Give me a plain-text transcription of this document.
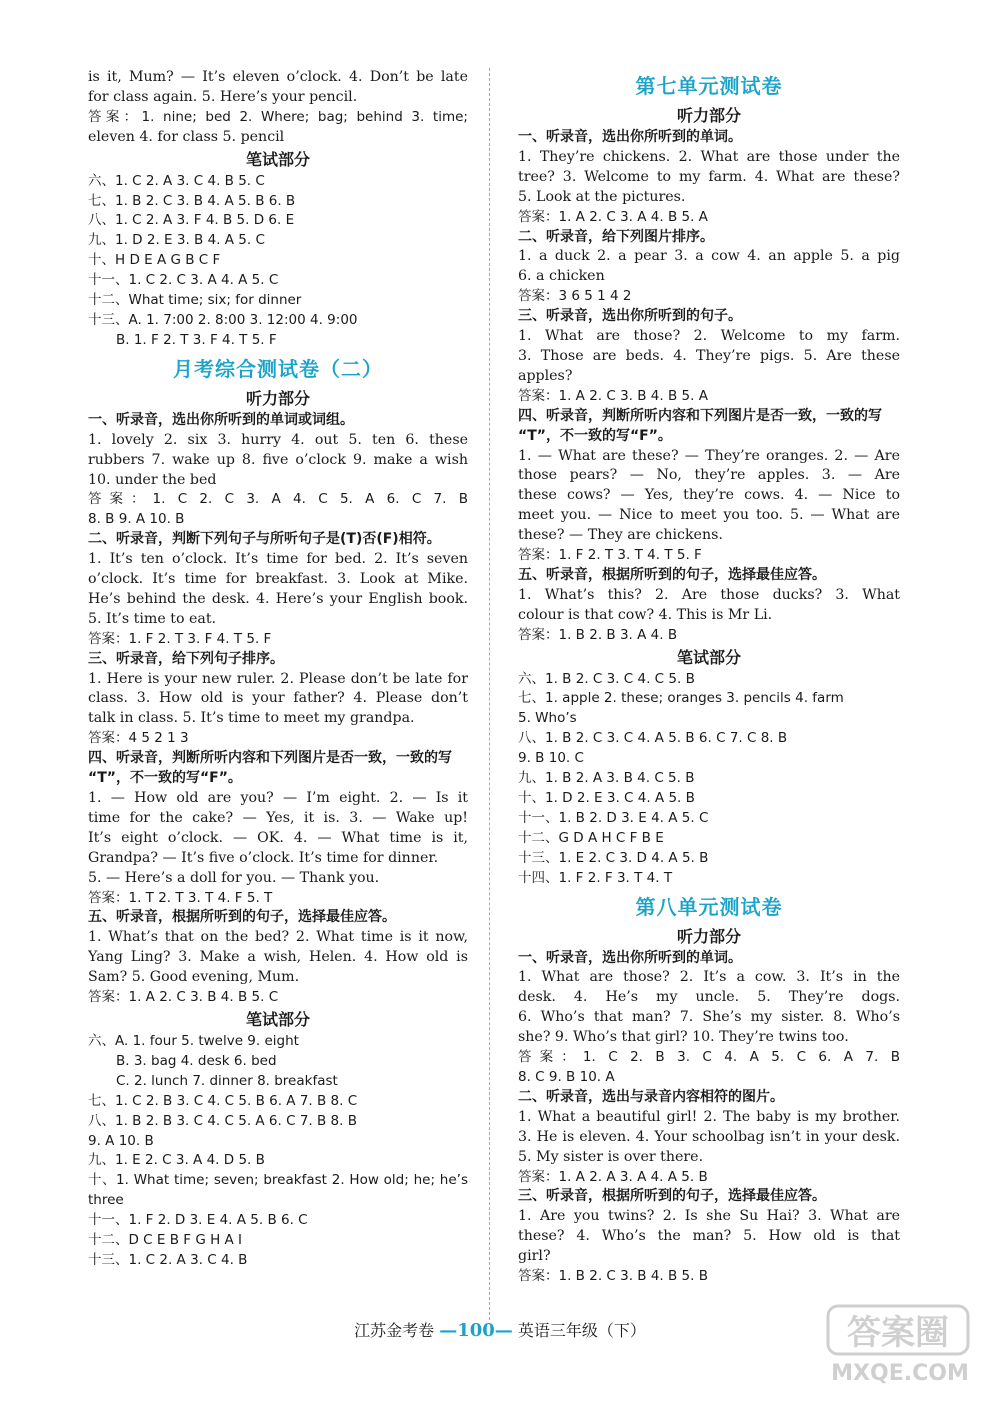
is it, Mum? — It’s eleven o’clock. 4. Don’t be late
for class again. 5. Here’s your pencil.
答案：1. nine; bed 2. Where; bag; behind 3. time;
eleven 4. for class 5. pencil
笔试部分
六、1. C 2. A 3. C 4. B 5. C
七、1. B 2. C 3. B 4. A 5. B 6. B
八、1. C 2. A 3. F 4. B 5. D 6. E
九、1. D 2. E 3. B 4. A 5. C
十、H D E A G B C F
十一、1. C 2. C 3. A 4. A 5. C
十二、What time; six; for dinner
十三、A. 1. 7:00 2. 8:00 3. 12:00 4. 9:00
B. 1. F 2. T 3. F 4. T 5. F
月考综合测试卷（二）
听力部分
一、听录音，选出你所听到的单词或词组。
1. lovely 2. six 3. hurry 4. out 5. ten 6. these
rubbers 7. wake up 8. five o’clock 9. make a wish
10. under the bed
答案：1. C 2. C 3. A 4. C 5. A 6. C 7. B
8. B 9. A 10. B
二、听录音，判断下列句子与所听句子是(T)否(F)相符。
1. It’s ten o’clock. It’s time for bed. 2. It’s seven
o’clock. It’s time for breakfast. 3. Look at Mike.
He’s behind the desk. 4. Here’s your English book.
5. It’s time to eat.
答案：1. F 2. T 3. F 4. T 5. F
三、听录音，给下列句子排序。
1. Here is your new ruler. 2. Please don’t be late for
class. 3. How old is your father? 4. Please don’t
talk in class. 5. It’s time to meet my grandpa.
答案：4 5 2 1 3
四、听录音，判断所听内容和下列图片是否一致，一致的写
“T”，不一致的写“F”。
1. — How old are you? — I’m eight. 2. — Is it
time for the cake? — Yes, it is. 3. — Wake up!
It’s eight o’clock. — OK. 4. — What time is it,
Grandpa? — It’s five o’clock. It’s time for dinner.
5. — Here’s a doll for you. — Thank you.
答案：1. T 2. T 3. T 4. F 5. T
五、听录音，根据所听到的句子，选择最佳应答。
1. What’s that on the bed? 2. What time is it now,
Yang Ling? 3. Make a wish, Helen. 4. How old is
Sam? 5. Good evening, Mum.
答案：1. A 2. C 3. B 4. B 5. C
笔试部分
六、A. 1. four 5. twelve 9. eight
B. 3. bag 4. desk 6. bed
C. 2. lunch 7. dinner 8. breakfast
七、1. C 2. B 3. C 4. C 5. B 6. A 7. B 8. C
八、1. B 2. B 3. C 4. C 5. A 6. C 7. B 8. B
9. A 10. B
九、1. E 2. C 3. A 4. D 5. B
十、1. What time; seven; breakfast 2. How old; he; he’s
three
十一、1. F 2. D 3. E 4. A 5. B 6. C
十二、D C E B F G H A I
十三、1. C 2. A 3. C 4. B
第七单元测试卷
听力部分
一、听录音，选出你所听到的单词。
1. They’re chickens. 2. What are those under the
tree? 3. Welcome to my farm. 4. What are these?
5. Look at the pictures.
答案：1. A 2. C 3. A 4. B 5. A
二、听录音，给下列图片排序。
1. a duck 2. a pear 3. a cow 4. an apple 5. a pig
6. a chicken
答案：3 6 5 1 4 2
三、听录音，选出你所听到的句子。
1. What are those? 2. Welcome to my farm.
3. Those are beds. 4. They’re pigs. 5. Are these
apples?
答案：1. A 2. C 3. B 4. B 5. A
四、听录音，判断所听内容和下列图片是否一致，一致的写
“T”，不一致的写“F”。
1. — What are these? — They’re oranges. 2. — Are
those pears? — No, they’re apples. 3. — Are
these cows? — Yes, they’re cows. 4. — Nice to
meet you. — Nice to meet you too. 5. — What are
these? — They are chickens.
答案：1. F 2. T 3. T 4. T 5. F
五、听录音，根据所听到的句子，选择最佳应答。
1. What’s this? 2. Are those ducks? 3. What
colour is that cow? 4. This is Mr Li.
答案：1. B 2. B 3. A 4. B
笔试部分
六、1. B 2. C 3. C 4. C 5. B
七、1. apple 2. these; oranges 3. pencils 4. farm
5. Who’s
八、1. B 2. C 3. C 4. A 5. B 6. C 7. C 8. B
9. B 10. C
九、1. B 2. A 3. B 4. C 5. B
十、1. D 2. E 3. C 4. A 5. B
十一、1. B 2. D 3. E 4. A 5. C
十二、G D A H C F B E
十三、1. E 2. C 3. D 4. A 5. B
十四、1. F 2. F 3. T 4. T
第八单元测试卷
听力部分
一、听录音，选出你所听到的单词。
1. What are those? 2. It’s a cow. 3. It’s in the
desk. 4. He’s my uncle. 5. They’re dogs.
6. Who’s that man? 7. She’s my sister. 8. Who’s
she? 9. Who’s that girl? 10. They’re twins too.
答案：1. C 2. B 3. C 4. A 5. C 6. A 7. B
8. C 9. B 10. A
二、听录音，选出与录音内容相符的图片。
1. What a beautiful girl! 2. The baby is my brother.
3. He is eleven. 4. Your schoolbag isn’t in your desk.
5. My sister is over there.
答案：1. A 2. A 3. A 4. A 5. B
三、听录音，根据所听到的句子，选择最佳应答。
1. Are you twins? 2. Is she Su Hai? 3. What are
these? 4. Who’s the man? 5. How old is that
girl?
答案：1. B 2. C 3. B 4. B 5. B
江苏金考卷 —100— 英语三年级（下）	答案圈
MXQE.COM
